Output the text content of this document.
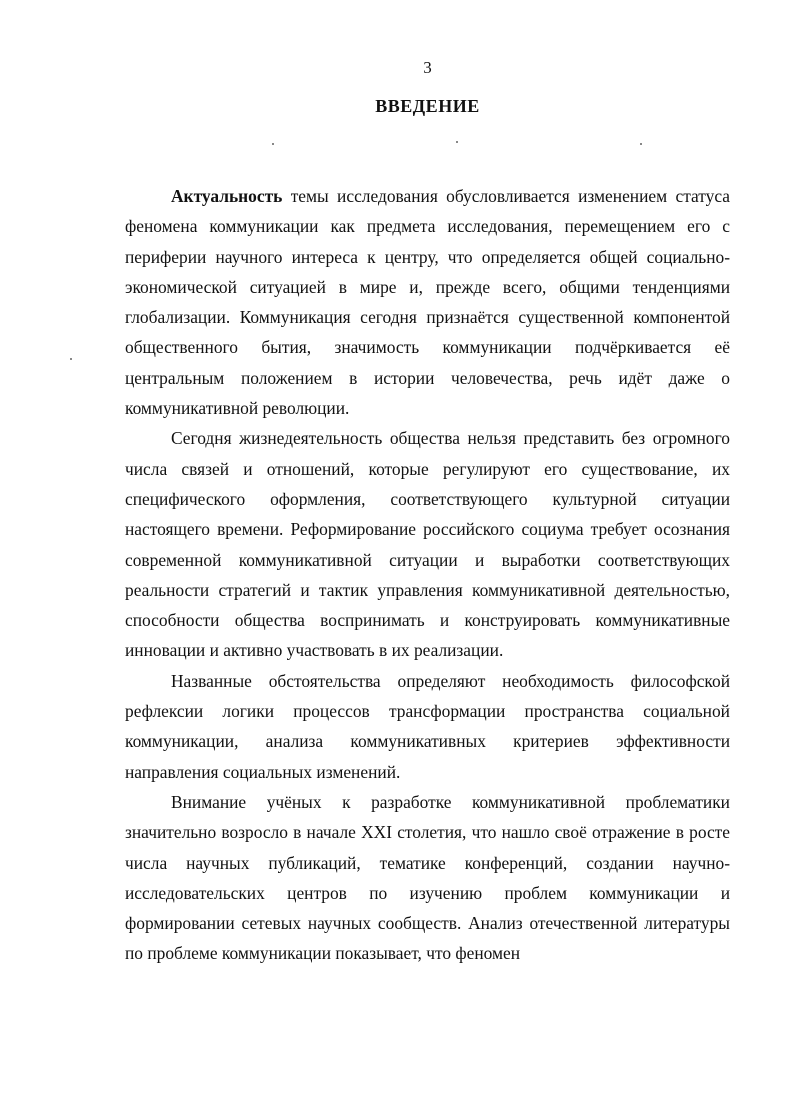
3
ВВЕДЕНИЕ

Актуальность темы исследования обусловливается изменением статуса феномена коммуникации как предмета исследования, перемещением его с периферии научного интереса к центру, что определяется общей социально-экономической ситуацией в мире и, прежде всего, общими тенденциями глобализации. Коммуникация сегодня признаётся существенной компонентой общественного бытия, значимость коммуникации подчёркивается её центральным положением в истории человечества, речь идёт даже о коммуникативной революции.

Сегодня жизнедеятельность общества нельзя представить без огромного числа связей и отношений, которые регулируют его существование, их специфического оформления, соответствующего культурной ситуации настоящего времени. Реформирование российского социума требует осознания современной коммуникативной ситуации и выработки соответствующих реальности стратегий и тактик управления коммуникативной деятельностью, способности общества воспринимать и конструировать коммуникативные инновации и активно участвовать в их реализации.

Названные обстоятельства определяют необходимость философской рефлексии логики процессов трансформации пространства социальной коммуникации, анализа коммуникативных критериев эффективности направления социальных изменений.

Внимание учёных к разработке коммуникативной проблематики значительно возросло в начале XXI столетия, что нашло своё отражение в росте числа научных публикаций, тематике конференций, создании научно-исследовательских центров по изучению проблем коммуникации и формировании сетевых научных сообществ. Анализ отечественной литературы по проблеме коммуникации показывает, что феномен
